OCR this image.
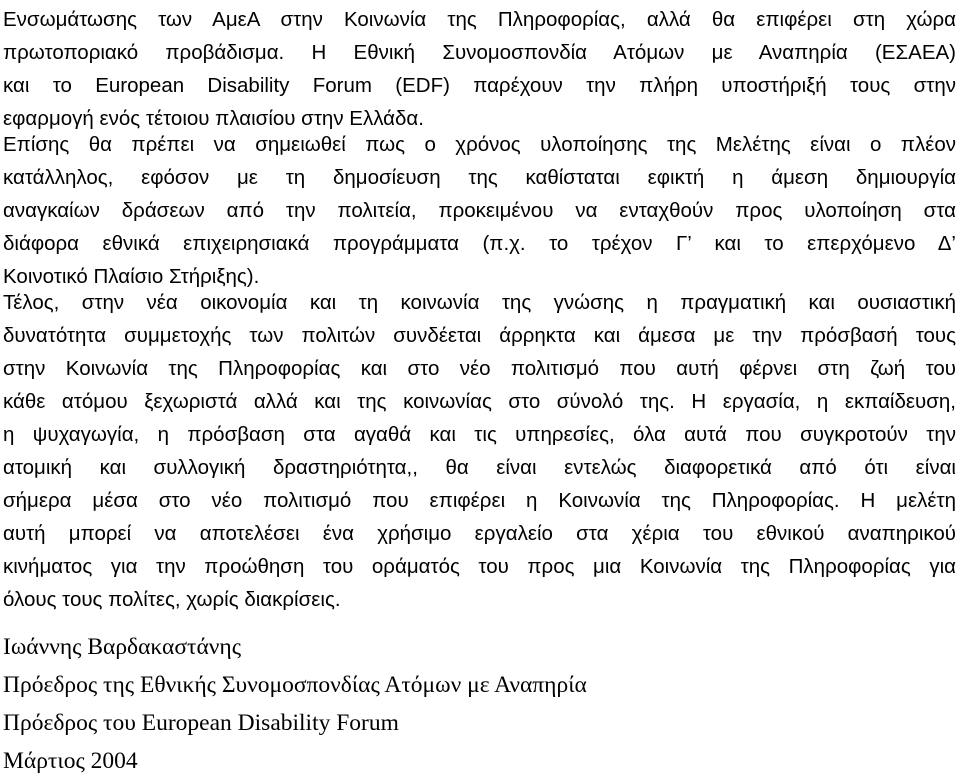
Ενσωμάτωσης των ΑμεΑ στην Κοινωνία της Πληροφορίας, αλλά θα επιφέρει στη χώρα
πρωτοποριακό προβάδισμα. Η Εθνική Συνομοσπονδία Ατόμων με Αναπηρία (ΕΣΑΕΑ)
και το European Disability Forum (EDF) παρέχουν την πλήρη υποστήριξή τους στην
εφαρμογή ενός τέτοιου πλαισίου στην Ελλάδα.
Επίσης θα πρέπει να σημειωθεί πως ο χρόνος υλοποίησης της Μελέτης είναι ο πλέον
κατάλληλος, εφόσον με τη δημοσίευση της καθίσταται εφικτή η άμεση δημιουργία
αναγκαίων δράσεων από την πολιτεία, προκειμένου να ενταχθούν προς υλοποίηση στα
διάφορα εθνικά επιχειρησιακά προγράμματα (π.χ. το τρέχον Γ’ και το επερχόμενο Δ’
Κοινοτικό Πλαίσιο Στήριξης).
Τέλος, στην νέα οικονομία και τη κοινωνία της γνώσης η πραγματική και ουσιαστική
δυνατότητα συμμετοχής των πολιτών συνδέεται άρρηκτα και άμεσα με την πρόσβασή τους
στην Κοινωνία της Πληροφορίας και στο νέο πολιτισμό που αυτή φέρνει στη ζωή του
κάθε ατόμου ξεχωριστά αλλά και της κοινωνίας στο σύνολό της. Η εργασία, η εκπαίδευση,
η ψυχαγωγία, η πρόσβαση στα αγαθά και τις υπηρεσίες, όλα αυτά που συγκροτούν την
ατομική και συλλογική δραστηριότητα,, θα είναι εντελώς διαφορετικά από ότι είναι
σήμερα μέσα στο νέο πολιτισμό που επιφέρει η Κοινωνία της Πληροφορίας. Η μελέτη
αυτή μπορεί να αποτελέσει ένα χρήσιμο εργαλείο στα χέρια του εθνικού αναπηρικού
κινήματος για την προώθηση του οράματός του προς μια Κοινωνία της Πληροφορίας για
όλους τους πολίτες, χωρίς διακρίσεις.
Ιωάννης Βαρδακαστάνης
Πρόεδρος της Εθνικής Συνομοσπονδίας Ατόμων με Αναπηρία
Πρόεδρος του European Disability Forum
Μάρτιος 2004
